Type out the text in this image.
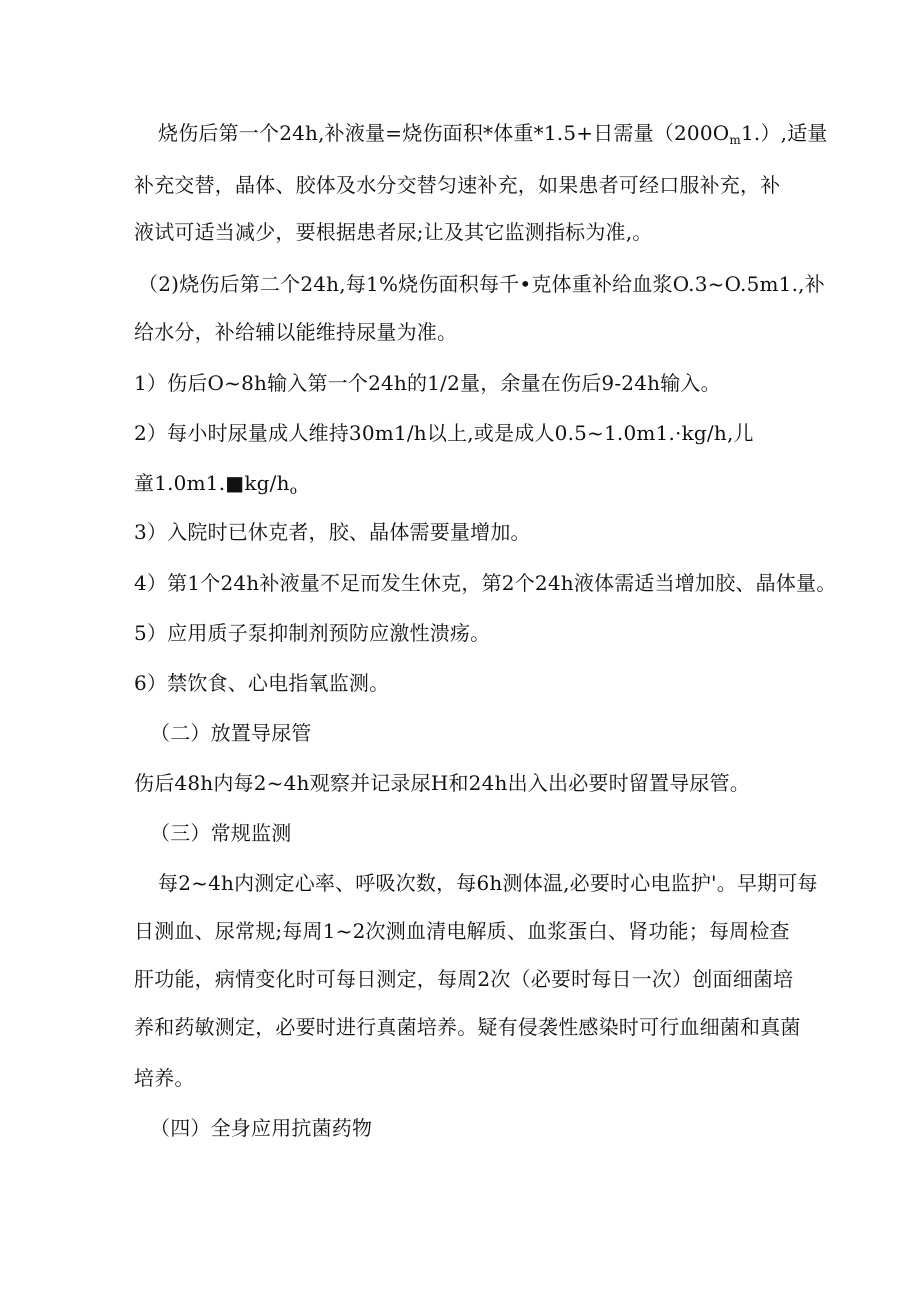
烧伤后第一个24h,补液量=烧伤面积*体重*1.5+日需量$(200O_m1.)$,适量
补充交替，晶体、胶体及水分交替匀速补充，如果患者可经口服补充，补
液试可适当减少，要根据患者尿;让及其它监测指标为准,。
（2)烧伤后第二个24h,每1%烧伤面积每千•克体重补给血浆O.3~O.5m1.,补
给水分，补给辅以能维持尿量为准。
1）伤后O~8h输入第一个24h的1/2量，余量在伤后9-24h输入。
2）每小时尿量成人维持30m1∕h以上,或是成人0.5~1.0m1.·kg∕h,儿
童$1.0m1.■kg∕h_o$
3）入院时已休克者，胶、晶体需要量增加。
4）第1个24h补液量不足而发生休克，第2个24h液体需适当增加胶、晶体量。
5）应用质子泵抑制剂预防应激性溃疡。
6）禁饮食、心电指氧监测。
（二）放置导尿管
伤后48h内每2~4h观察并记录尿H和24h出入出必要时留置导尿管。
（三）常规监测
每2~4h内测定心率、呼吸次数，每6h测体温,必要时心电监护'。早期可每
日测血、尿常规;每周1~2次测血清电解质、血浆蛋白、肾功能；每周检查
肝功能，病情变化时可每日测定，每周2次（必要时每日一次）创面细菌培
养和药敏测定，必要时进行真菌培养。疑有侵袭性感染时可行血细菌和真菌
培养。
（四）全身应用抗菌药物
